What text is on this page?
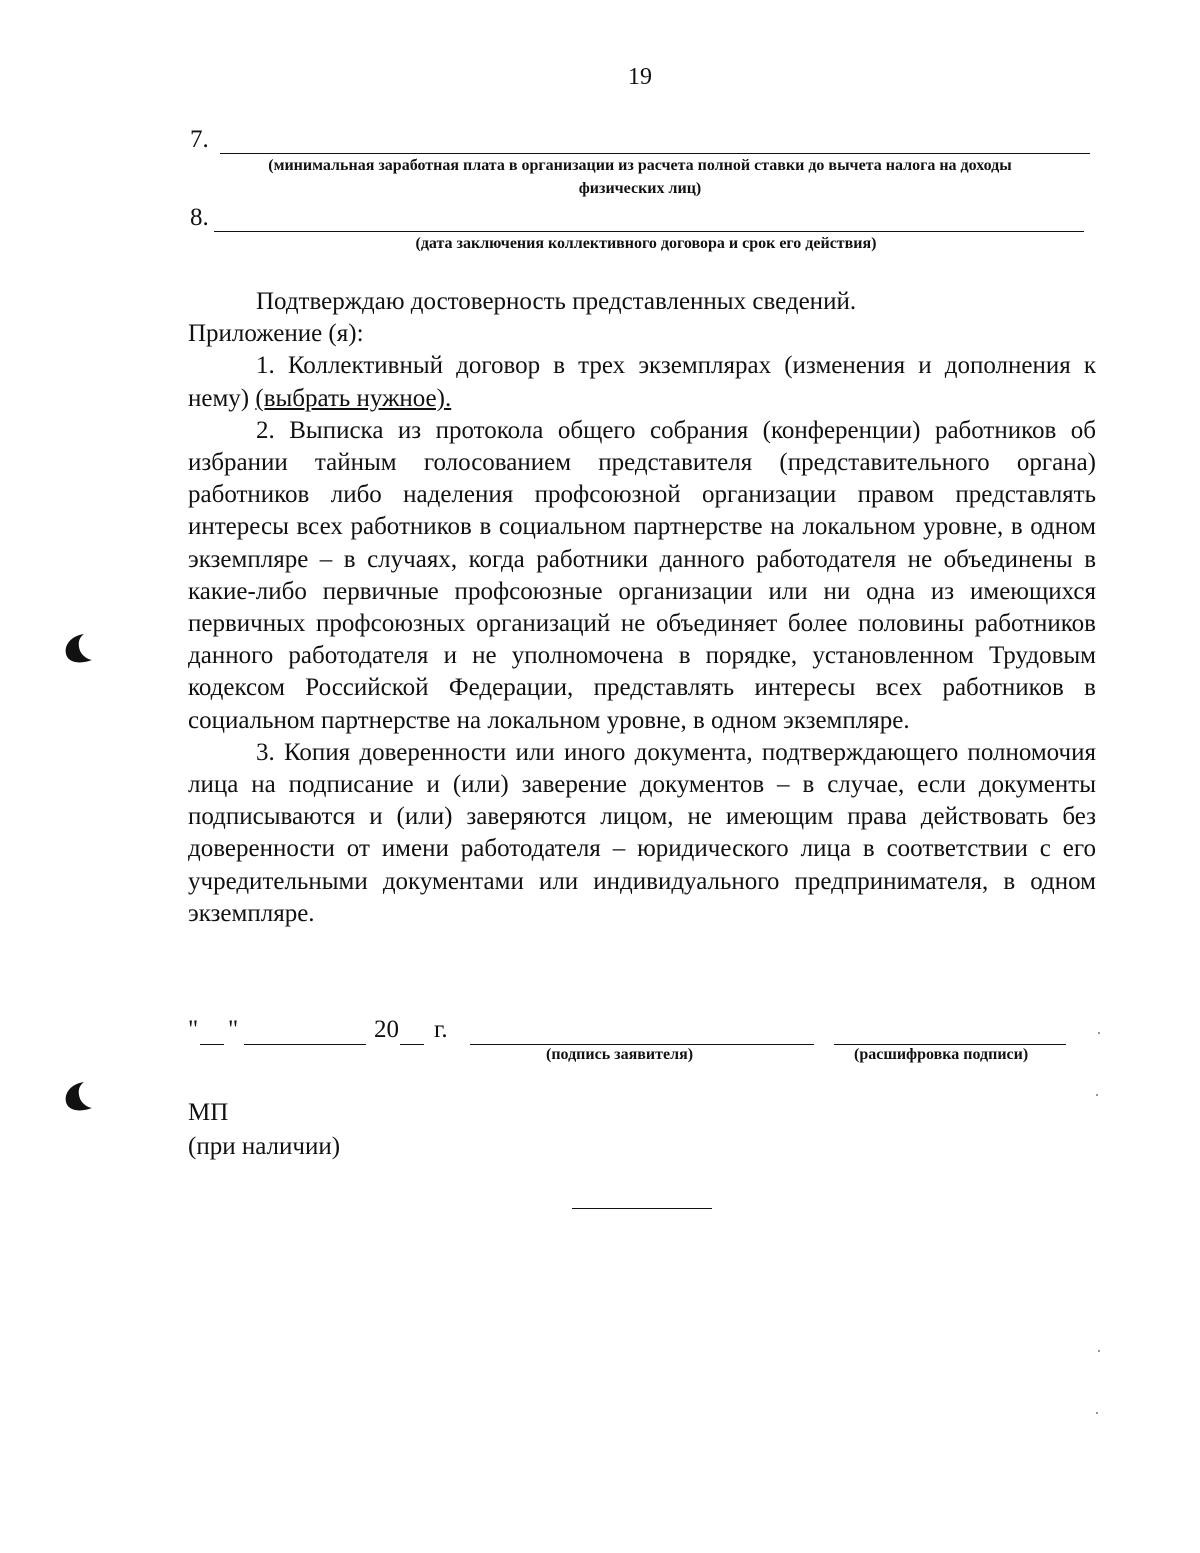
19
7.
(минимальная заработная плата в организации из расчета полной ставки до вычета налога на доходы
физических лиц)
8.
(дата заключения коллективного договора и срок его действия)

Подтверждаю достоверность представленных сведений.

Приложение (я):

1. Коллективный договор в трех экземплярах (изменения и дополнения к нему) (выбрать нужное).

2. Выписка из протокола общего собрания (конференции) работников об избрании тайным голосованием представителя (представительного органа) работников либо наделения профсоюзной организации правом представлять интересы всех работников в социальном партнерстве на локальном уровне, в одном экземпляре – в случаях, когда работники данного работодателя не объединены в какие-либо первичные профсоюзные организации или ни одна из имеющихся первичных профсоюзных организаций не объединяет более половины работников данного работодателя и не уполномочена в порядке, установленном Трудовым кодексом Российской Федерации, представлять интересы всех работников в социальном партнерстве на локальном уровне, в одном экземпляре.

3. Копия доверенности или иного документа, подтверждающего полномочия лица на подписание и (или) заверение документов – в случае, если документы подписываются и (или) заверяются лицом, не имеющим права действовать без доверенности от имени работодателя – юридического лица в соответствии с его учредительными документами или индивидуального предпринимателя, в одном экземпляре.

" "	20 г.
(подпись заявителя)	(расшифровка подписи)
МП
(при наличии)
